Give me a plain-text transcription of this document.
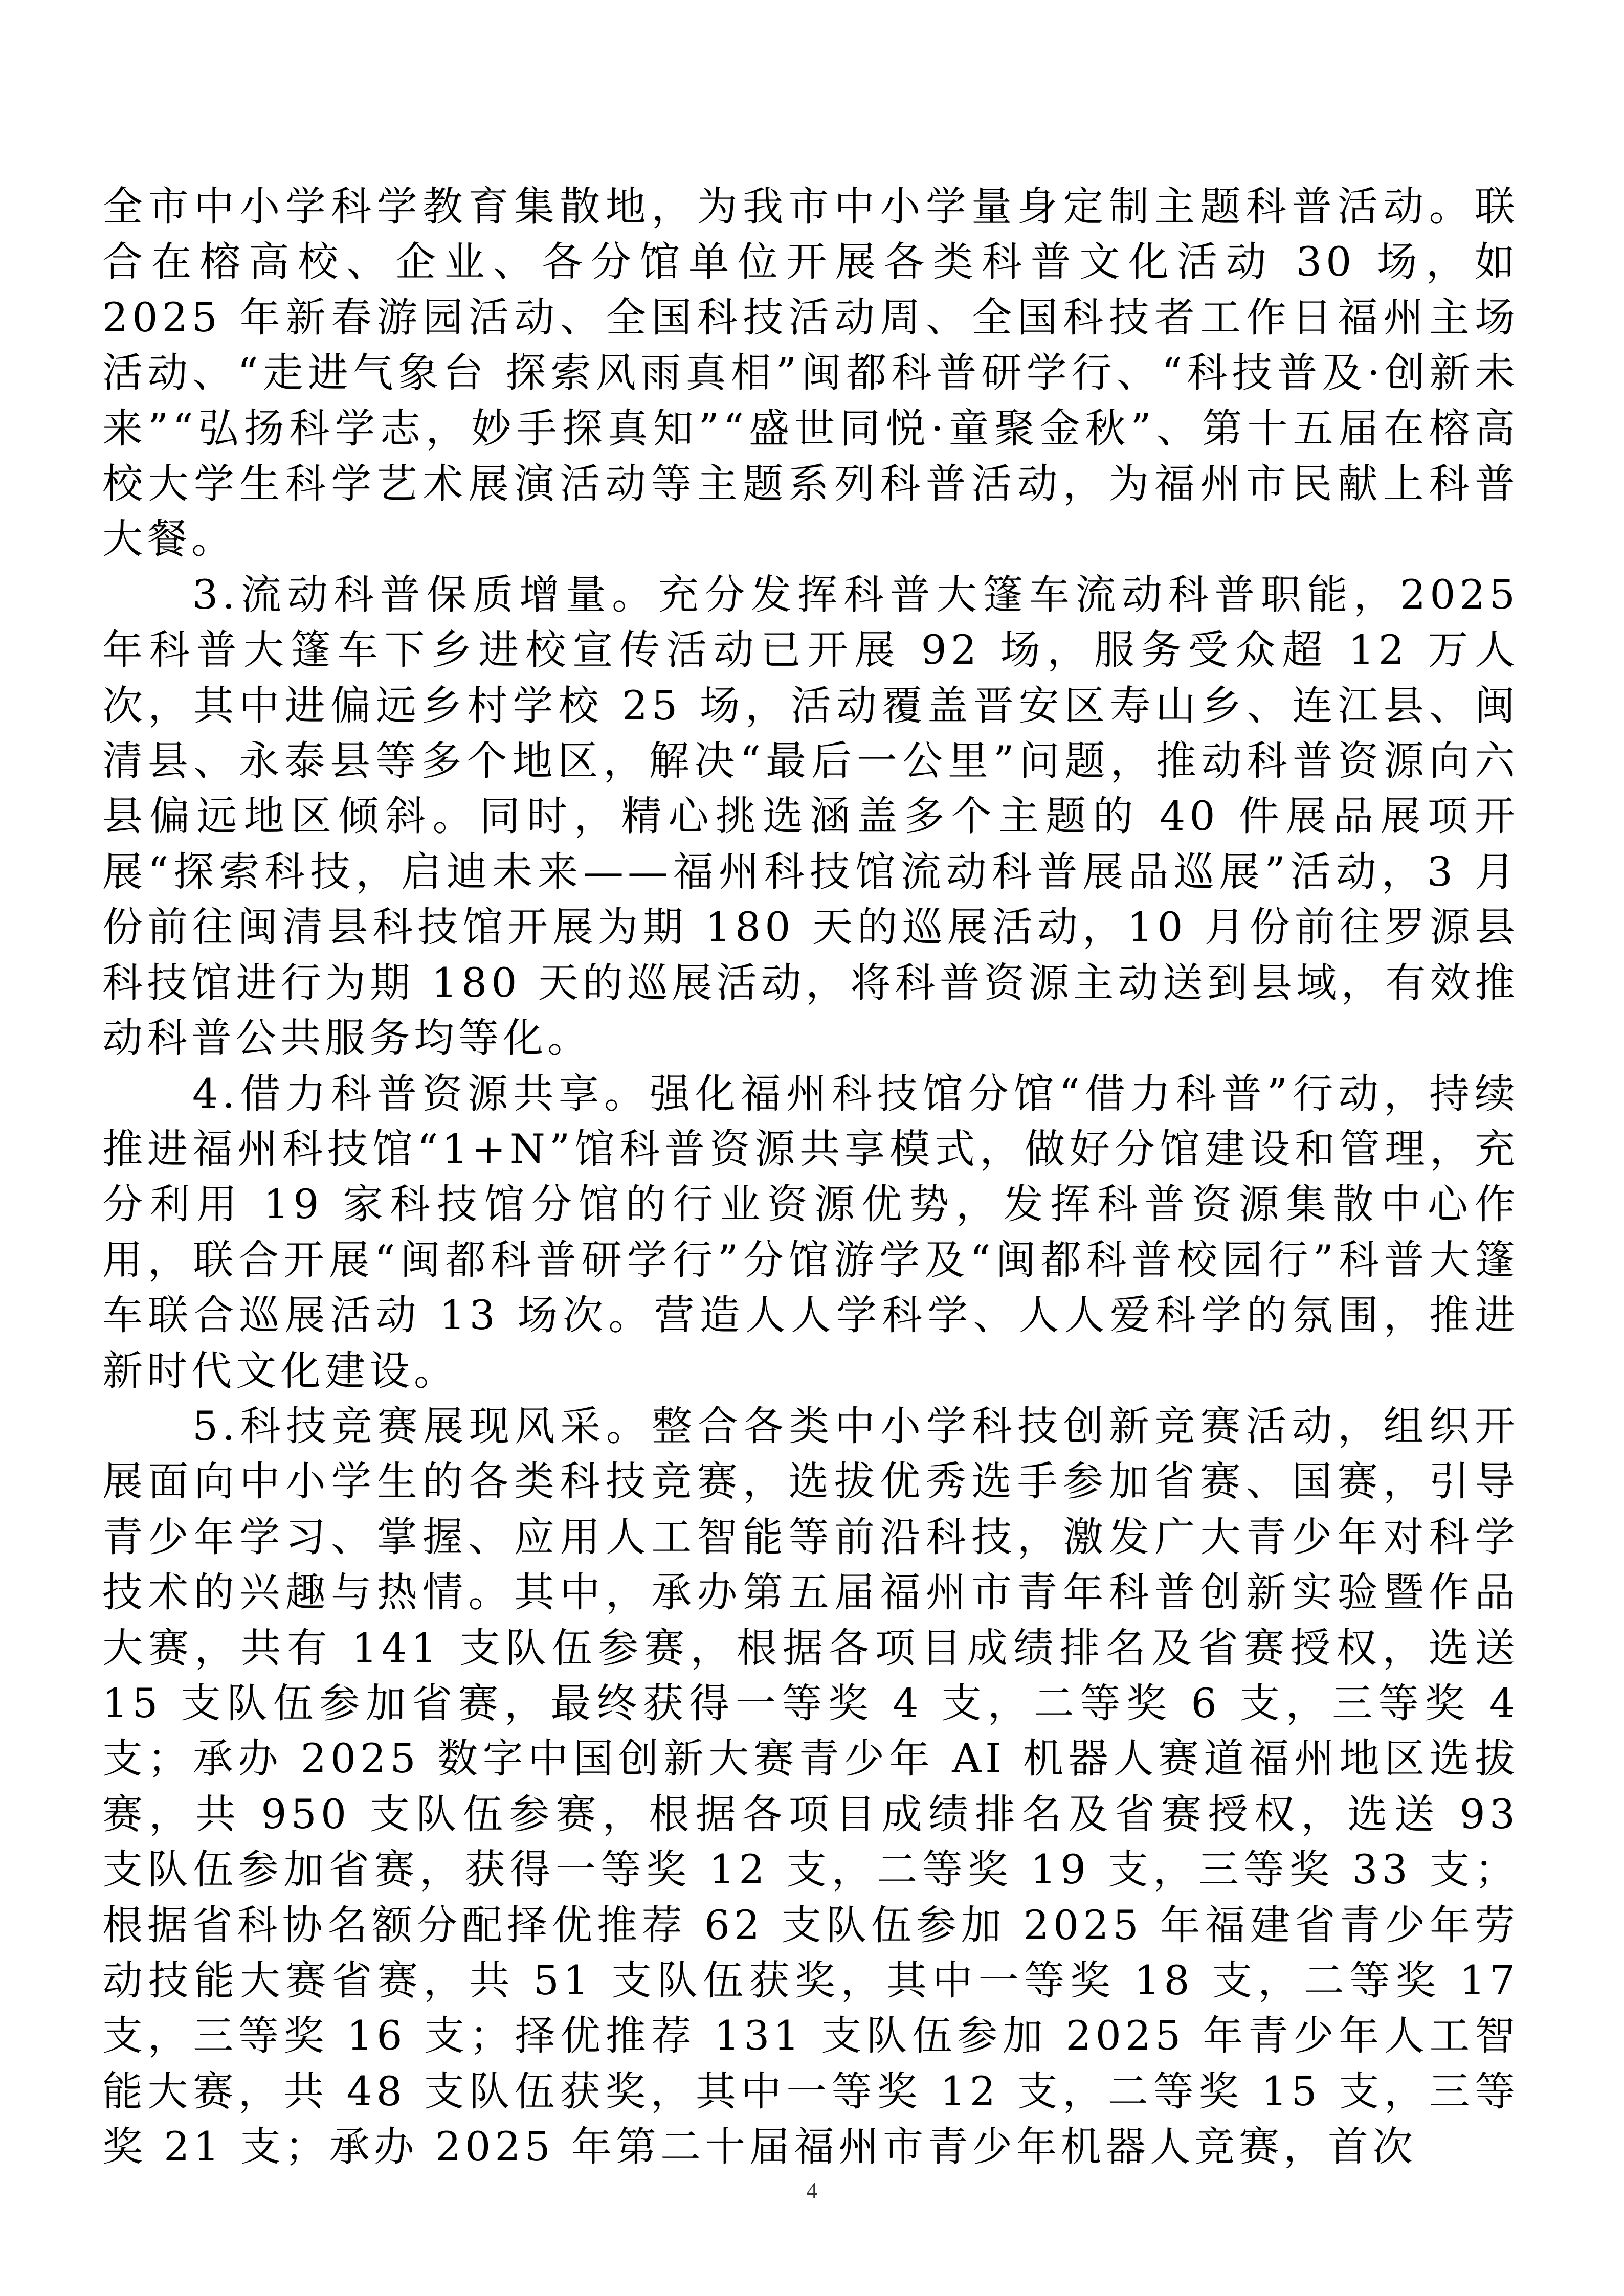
全市中小学科学教育集散地，为我市中小学量身定制主题科普活动。联合在榕高校、企业、各分馆单位开展各类科普文化活动 30 场，如 2025 年新春游园活动、全国科技活动周、全国科技者工作日福州主场活动、“走进气象台 探索风雨真相”闽都科普研学行、“科技普及·创新未来”“弘扬科学志，妙手探真知”“盛世同悦·童聚金秋”、第十五届在榕高校大学生科学艺术展演活动等主题系列科普活动，为福州市民献上科普大餐。

3.流动科普保质增量。充分发挥科普大篷车流动科普职能，2025 年科普大篷车下乡进校宣传活动已开展 92 场，服务受众超 12 万人次，其中进偏远乡村学校 25 场，活动覆盖晋安区寿山乡、连江县、闽清县、永泰县等多个地区，解决“最后一公里”问题，推动科普资源向六县偏远地区倾斜。同时，精心挑选涵盖多个主题的 40 件展品展项开展“探索科技，启迪未来——福州科技馆流动科普展品巡展”活动，3 月份前往闽清县科技馆开展为期 180 天的巡展活动，10 月份前往罗源县科技馆进行为期 180 天的巡展活动，将科普资源主动送到县域，有效推动科普公共服务均等化。

4.借力科普资源共享。强化福州科技馆分馆“借力科普”行动，持续推进福州科技馆“1+N”馆科普资源共享模式，做好分馆建设和管理，充分利用 19 家科技馆分馆的行业资源优势，发挥科普资源集散中心作用，联合开展“闽都科普研学行”分馆游学及“闽都科普校园行”科普大篷车联合巡展活动 13 场次。营造人人学科学、人人爱科学的氛围，推进新时代文化建设。

5.科技竞赛展现风采。整合各类中小学科技创新竞赛活动，组织开展面向中小学生的各类科技竞赛，选拔优秀选手参加省赛、国赛，引导青少年学习、掌握、应用人工智能等前沿科技，激发广大青少年对科学技术的兴趣与热情。其中，承办第五届福州市青年科普创新实验暨作品大赛，共有 141 支队伍参赛，根据各项目成绩排名及省赛授权，选送 15 支队伍参加省赛，最终获得一等奖 4 支，二等奖 6 支，三等奖 4 支；承办 2025 数字中国创新大赛青少年 AI 机器人赛道福州地区选拔赛，共 950 支队伍参赛，根据各项目成绩排名及省赛授权，选送 93 支队伍参加省赛，获得一等奖 12 支，二等奖 19 支，三等奖 33 支；根据省科协名额分配择优推荐 62 支队伍参加 2025 年福建省青少年劳动技能大赛省赛，共 51 支队伍获奖，其中一等奖 18 支，二等奖 17 支，三等奖 16 支；择优推荐 131 支队伍参加 2025 年青少年人工智能大赛，共 48 支队伍获奖，其中一等奖 12 支，二等奖 15 支，三等奖 21 支；承办 2025 年第二十届福州市青少年机器人竞赛，首次

4
